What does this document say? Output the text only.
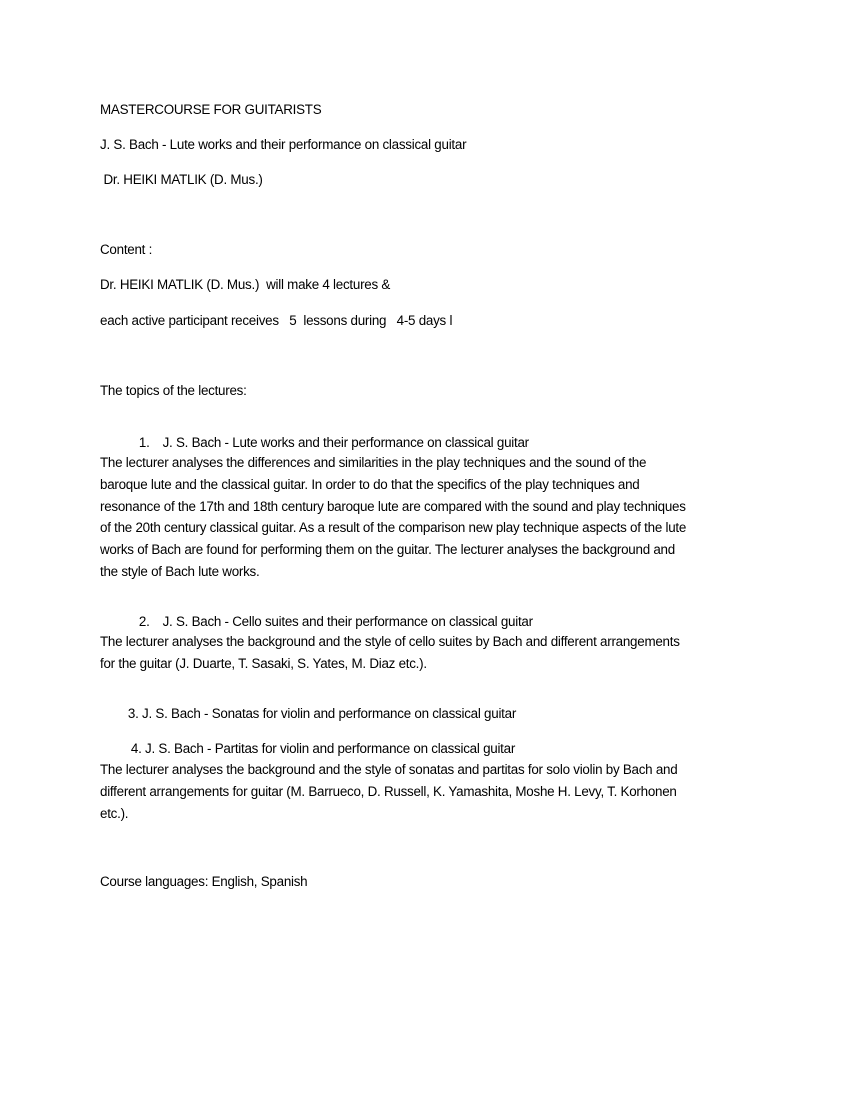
MASTERCOURSE FOR GUITARISTS
J. S. Bach - Lute works and their performance on classical guitar
Dr. HEIKI MATLIK (D. Mus.)
Content :
Dr. HEIKI MATLIK (D. Mus.)  will make 4 lectures &
each active participant receives   5  lessons during   4-5 days l
The topics of the lectures:

1. J. S. Bach - Lute works and their performance on classical guitar

The lecturer analyses the differences and similarities in the play techniques and the sound of the
baroque lute and the classical guitar. In order to do that the specifics of the play techniques and
resonance of the 17th and 18th century baroque lute are compared with the sound and play techniques
of the 20th century classical guitar. As a result of the comparison new play technique aspects of the lute
works of Bach are found for performing them on the guitar. The lecturer analyses the background and
the style of Bach lute works.

2. J. S. Bach - Cello suites and their performance on classical guitar

The lecturer analyses the background and the style of cello suites by Bach and different arrangements
for the guitar (J. Duarte, T. Sasaki, S. Yates, M. Diaz etc.).

3. J. S. Bach - Sonatas for violin and performance on classical guitar

4. J. S. Bach - Partitas for violin and performance on classical guitar

The lecturer analyses the background and the style of sonatas and partitas for solo violin by Bach and
different arrangements for guitar (M. Barrueco, D. Russell, K. Yamashita, Moshe H. Levy, T. Korhonen
etc.).
Course languages: English, Spanish
